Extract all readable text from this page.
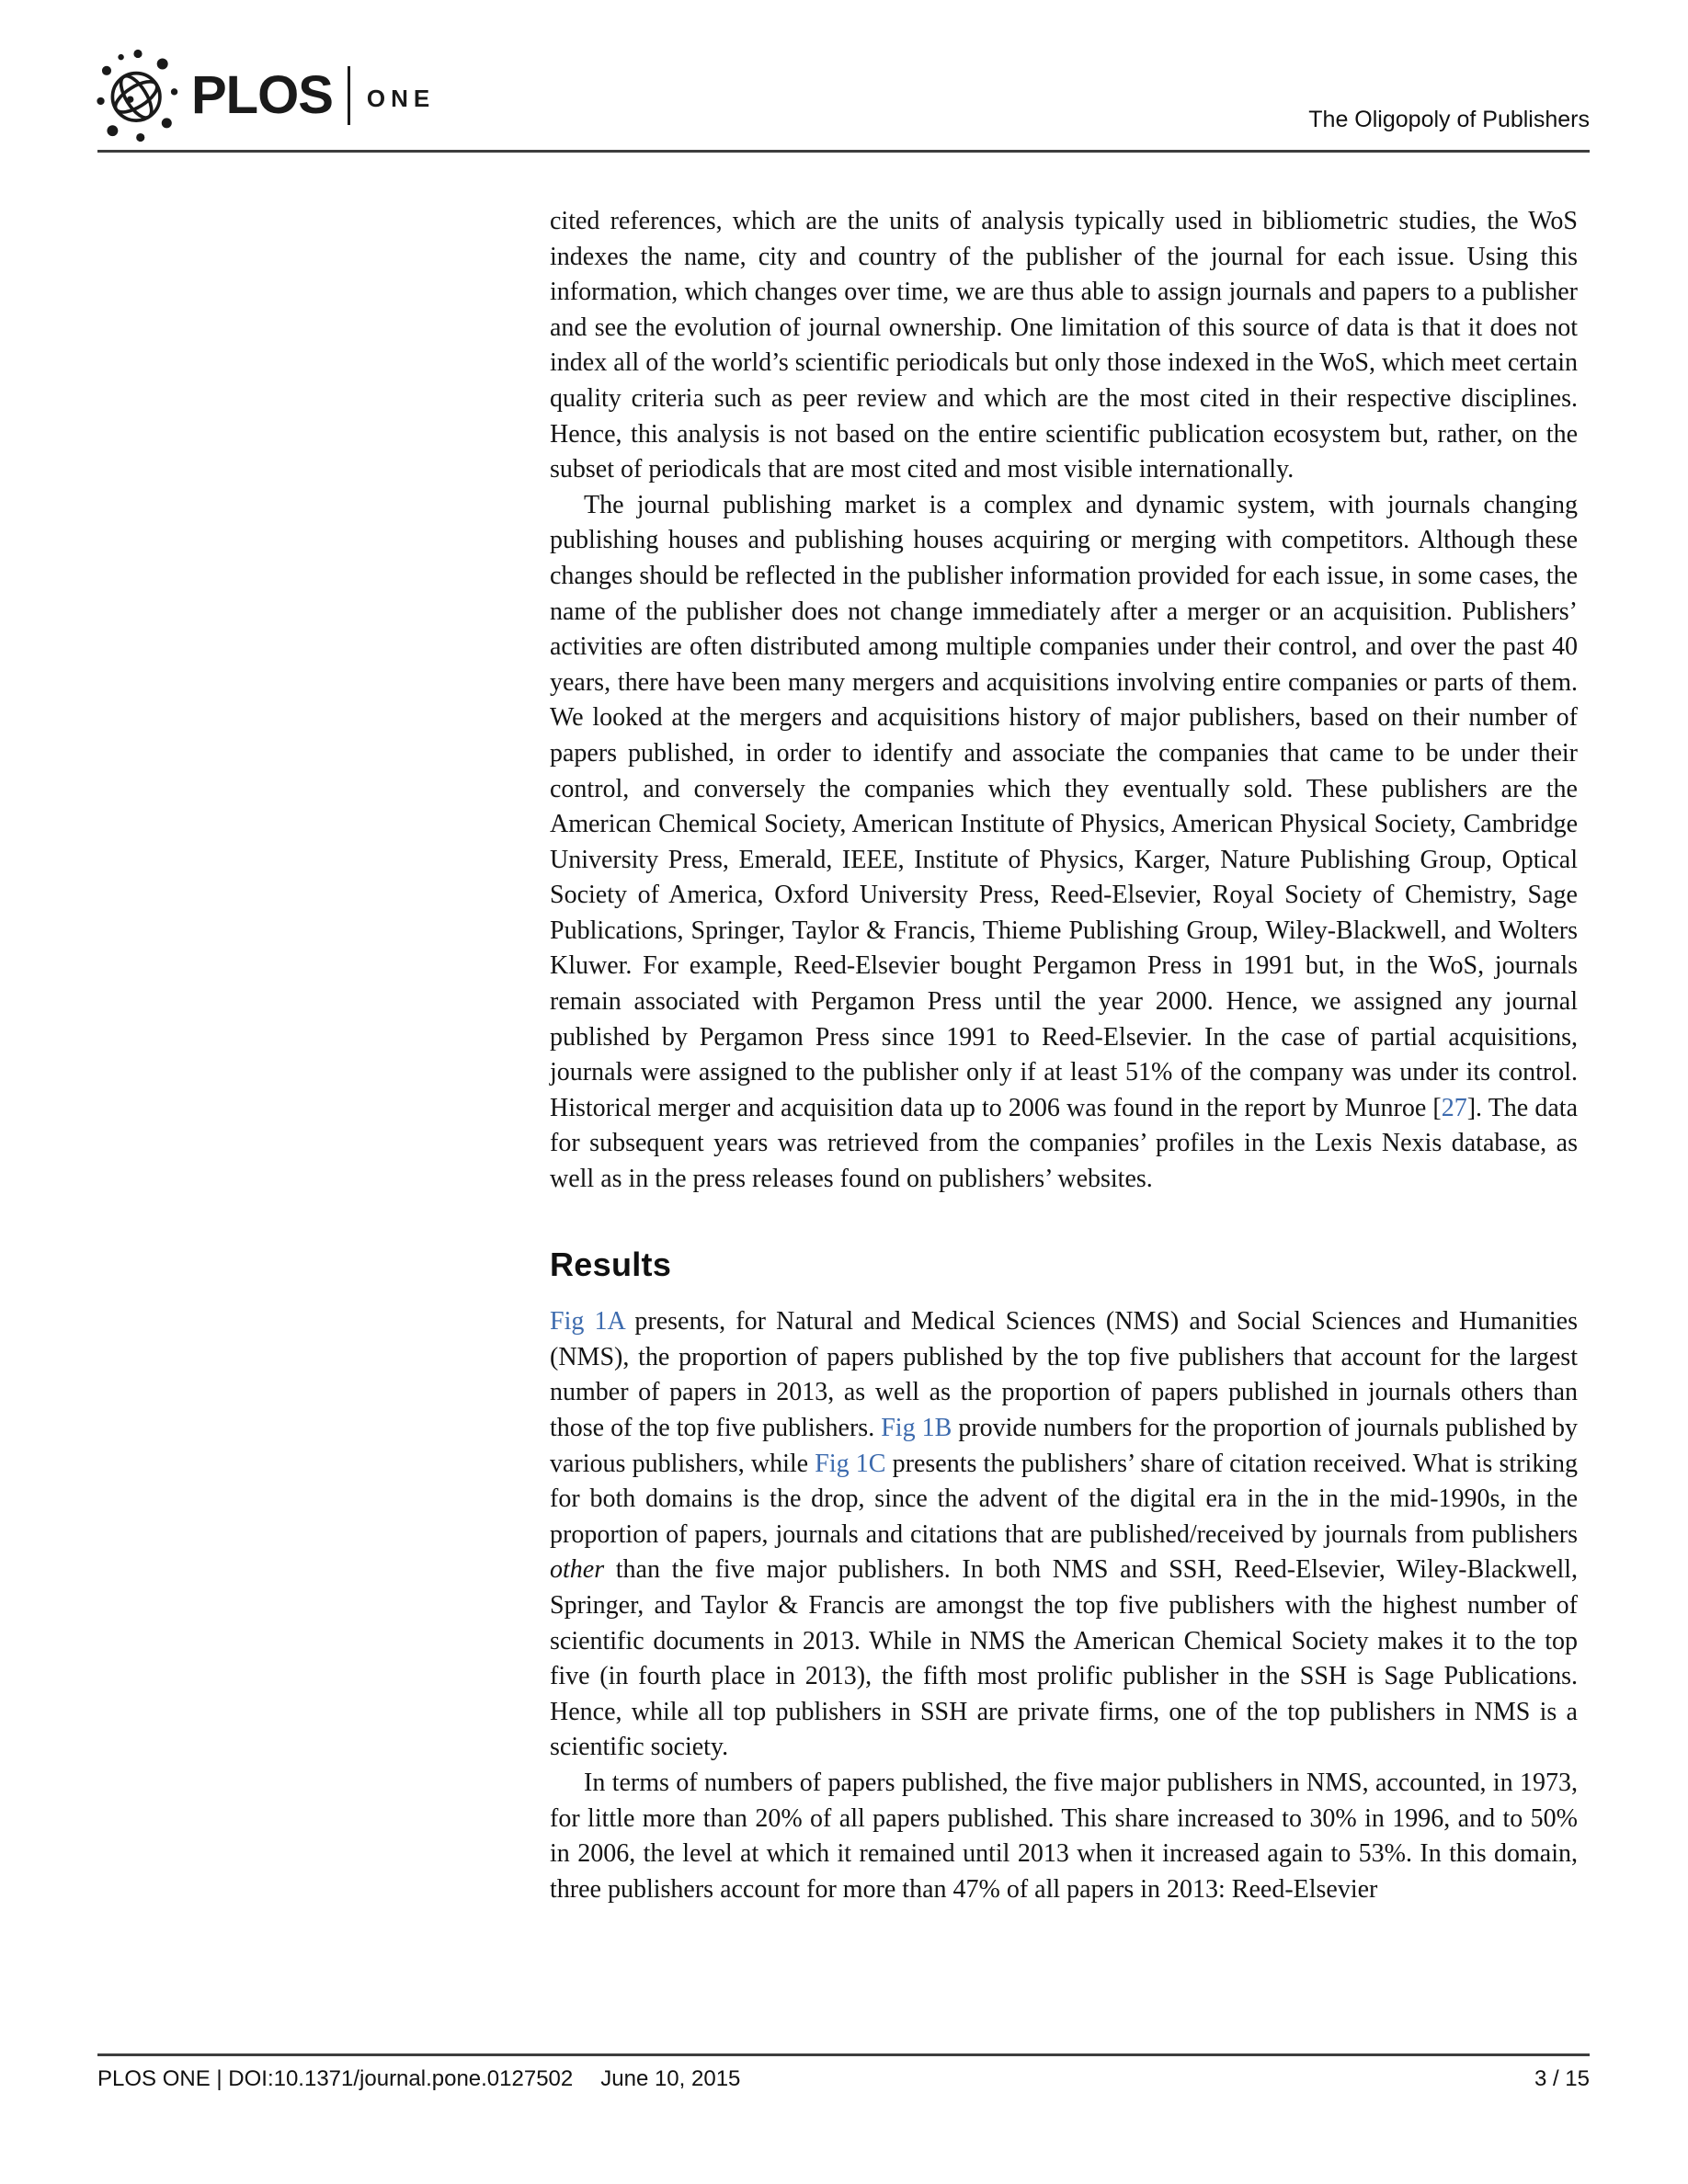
PLOS ONE
The Oligopoly of Publishers

cited references, which are the units of analysis typically used in bibliometric studies, the WoS indexes the name, city and country of the publisher of the journal for each issue. Using this information, which changes over time, we are thus able to assign journals and papers to a publisher and see the evolution of journal ownership. One limitation of this source of data is that it does not index all of the world’s scientific periodicals but only those indexed in the WoS, which meet certain quality criteria such as peer review and which are the most cited in their respective disciplines. Hence, this analysis is not based on the entire scientific publication ecosystem but, rather, on the subset of periodicals that are most cited and most visible internationally.

The journal publishing market is a complex and dynamic system, with journals changing publishing houses and publishing houses acquiring or merging with competitors. Although these changes should be reflected in the publisher information provided for each issue, in some cases, the name of the publisher does not change immediately after a merger or an acquisition. Publishers’ activities are often distributed among multiple companies under their control, and over the past 40 years, there have been many mergers and acquisitions involving entire companies or parts of them. We looked at the mergers and acquisitions history of major publishers, based on their number of papers published, in order to identify and associate the companies that came to be under their control, and conversely the companies which they eventually sold. These publishers are the American Chemical Society, American Institute of Physics, American Physical Society, Cambridge University Press, Emerald, IEEE, Institute of Physics, Karger, Nature Publishing Group, Optical Society of America, Oxford University Press, Reed-Elsevier, Royal Society of Chemistry, Sage Publications, Springer, Taylor & Francis, Thieme Publishing Group, Wiley-Blackwell, and Wolters Kluwer. For example, Reed-Elsevier bought Pergamon Press in 1991 but, in the WoS, journals remain associated with Pergamon Press until the year 2000. Hence, we assigned any journal published by Pergamon Press since 1991 to Reed-Elsevier. In the case of partial acquisitions, journals were assigned to the publisher only if at least 51% of the company was under its control. Historical merger and acquisition data up to 2006 was found in the report by Munroe [27]. The data for subsequent years was retrieved from the companies’ profiles in the Lexis Nexis database, as well as in the press releases found on publishers’ websites.

Results

Fig 1A presents, for Natural and Medical Sciences (NMS) and Social Sciences and Humanities (NMS), the proportion of papers published by the top five publishers that account for the largest number of papers in 2013, as well as the proportion of papers published in journals others than those of the top five publishers. Fig 1B provide numbers for the proportion of journals published by various publishers, while Fig 1C presents the publishers’ share of citation received. What is striking for both domains is the drop, since the advent of the digital era in the in the mid-1990s, in the proportion of papers, journals and citations that are published/received by journals from publishers other than the five major publishers. In both NMS and SSH, Reed-Elsevier, Wiley-Blackwell, Springer, and Taylor & Francis are amongst the top five publishers with the highest number of scientific documents in 2013. While in NMS the American Chemical Society makes it to the top five (in fourth place in 2013), the fifth most prolific publisher in the SSH is Sage Publications. Hence, while all top publishers in SSH are private firms, one of the top publishers in NMS is a scientific society.

In terms of numbers of papers published, the five major publishers in NMS, accounted, in 1973, for little more than 20% of all papers published. This share increased to 30% in 1996, and to 50% in 2006, the level at which it remained until 2013 when it increased again to 53%. In this domain, three publishers account for more than 47% of all papers in 2013: Reed-Elsevier

PLOS ONE | DOI:10.1371/journal.pone.0127502 June 10, 2015	3 / 15
